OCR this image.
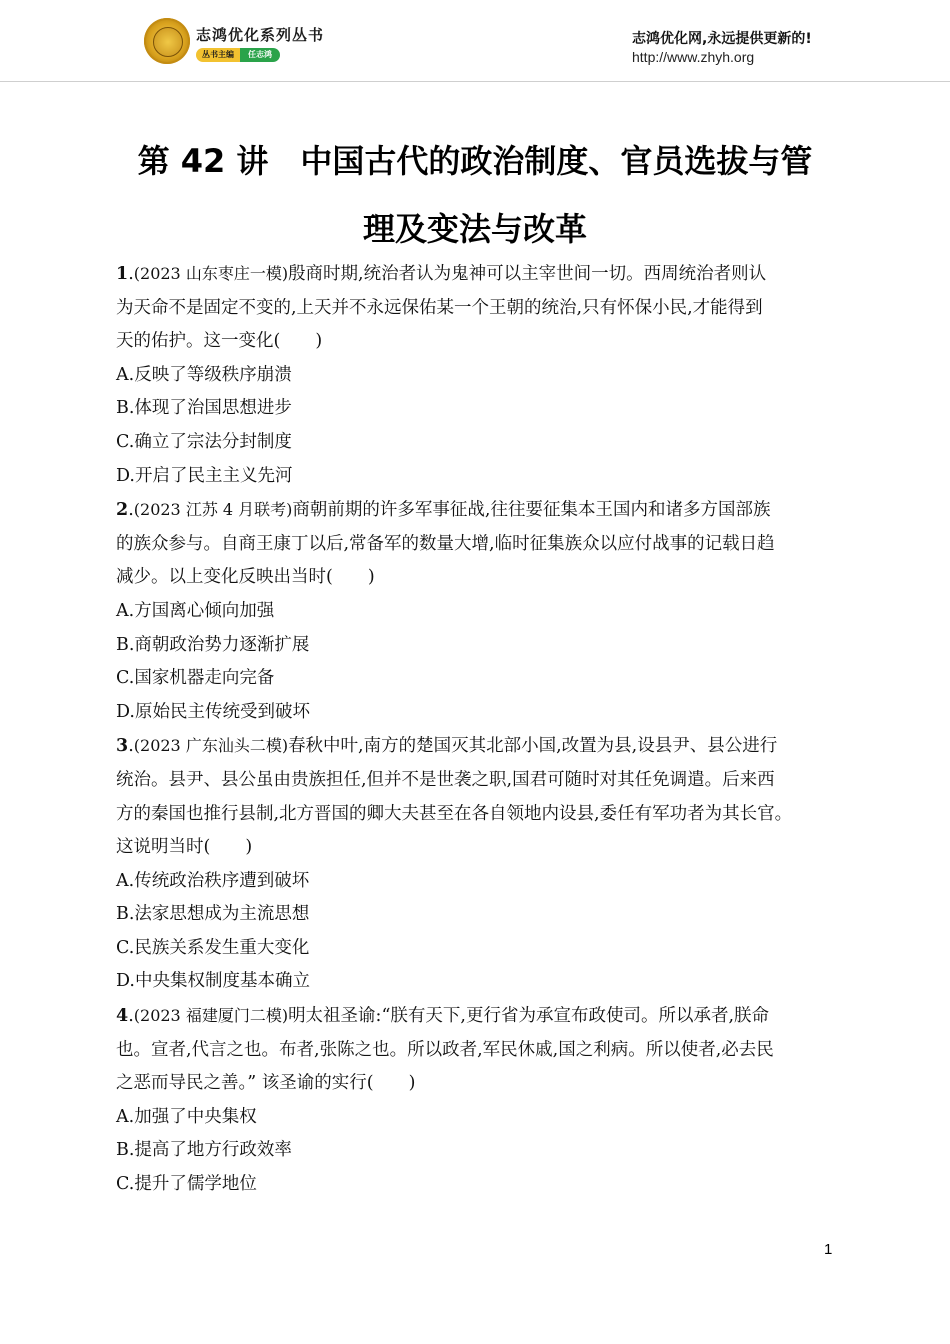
志鸿优化系列丛书
丛书主编	任志鸿
志鸿优化网,永远提供更新的!
http://www.zhyh.org
第 42 讲　中国古代的政治制度、官员选拔与管
理及变法与改革
1.(2023 山东枣庄一模)殷商时期,统治者认为鬼神可以主宰世间一切。西周统治者则认
为天命不是固定不变的,上天并不永远保佑某一个王朝的统治,只有怀保小民,才能得到
天的佑护。这一变化(　　)
A.反映了等级秩序崩溃
B.体现了治国思想进步
C.确立了宗法分封制度
D.开启了民主主义先河
2.(2023 江苏 4 月联考)商朝前期的许多军事征战,往往要征集本王国内和诸多方国部族
的族众参与。自商王康丁以后,常备军的数量大增,临时征集族众以应付战事的记载日趋
减少。以上变化反映出当时(　　)
A.方国离心倾向加强
B.商朝政治势力逐渐扩展
C.国家机器走向完备
D.原始民主传统受到破坏
3.(2023 广东汕头二模)春秋中叶,南方的楚国灭其北部小国,改置为县,设县尹、县公进行
统治。县尹、县公虽由贵族担任,但并不是世袭之职,国君可随时对其任免调遣。后来西
方的秦国也推行县制,北方晋国的卿大夫甚至在各自领地内设县,委任有军功者为其长官。
这说明当时(　　)
A.传统政治秩序遭到破坏
B.法家思想成为主流思想
C.民族关系发生重大变化
D.中央集权制度基本确立
4.(2023 福建厦门二模)明太祖圣谕:“朕有天下,更行省为承宣布政使司。所以承者,朕命
也。宣者,代言之也。布者,张陈之也。所以政者,军民休戚,国之利病。所以使者,必去民
之恶而导民之善。” 该圣谕的实行(　　)
A.加强了中央集权
B.提高了地方行政效率
C.提升了儒学地位
1
